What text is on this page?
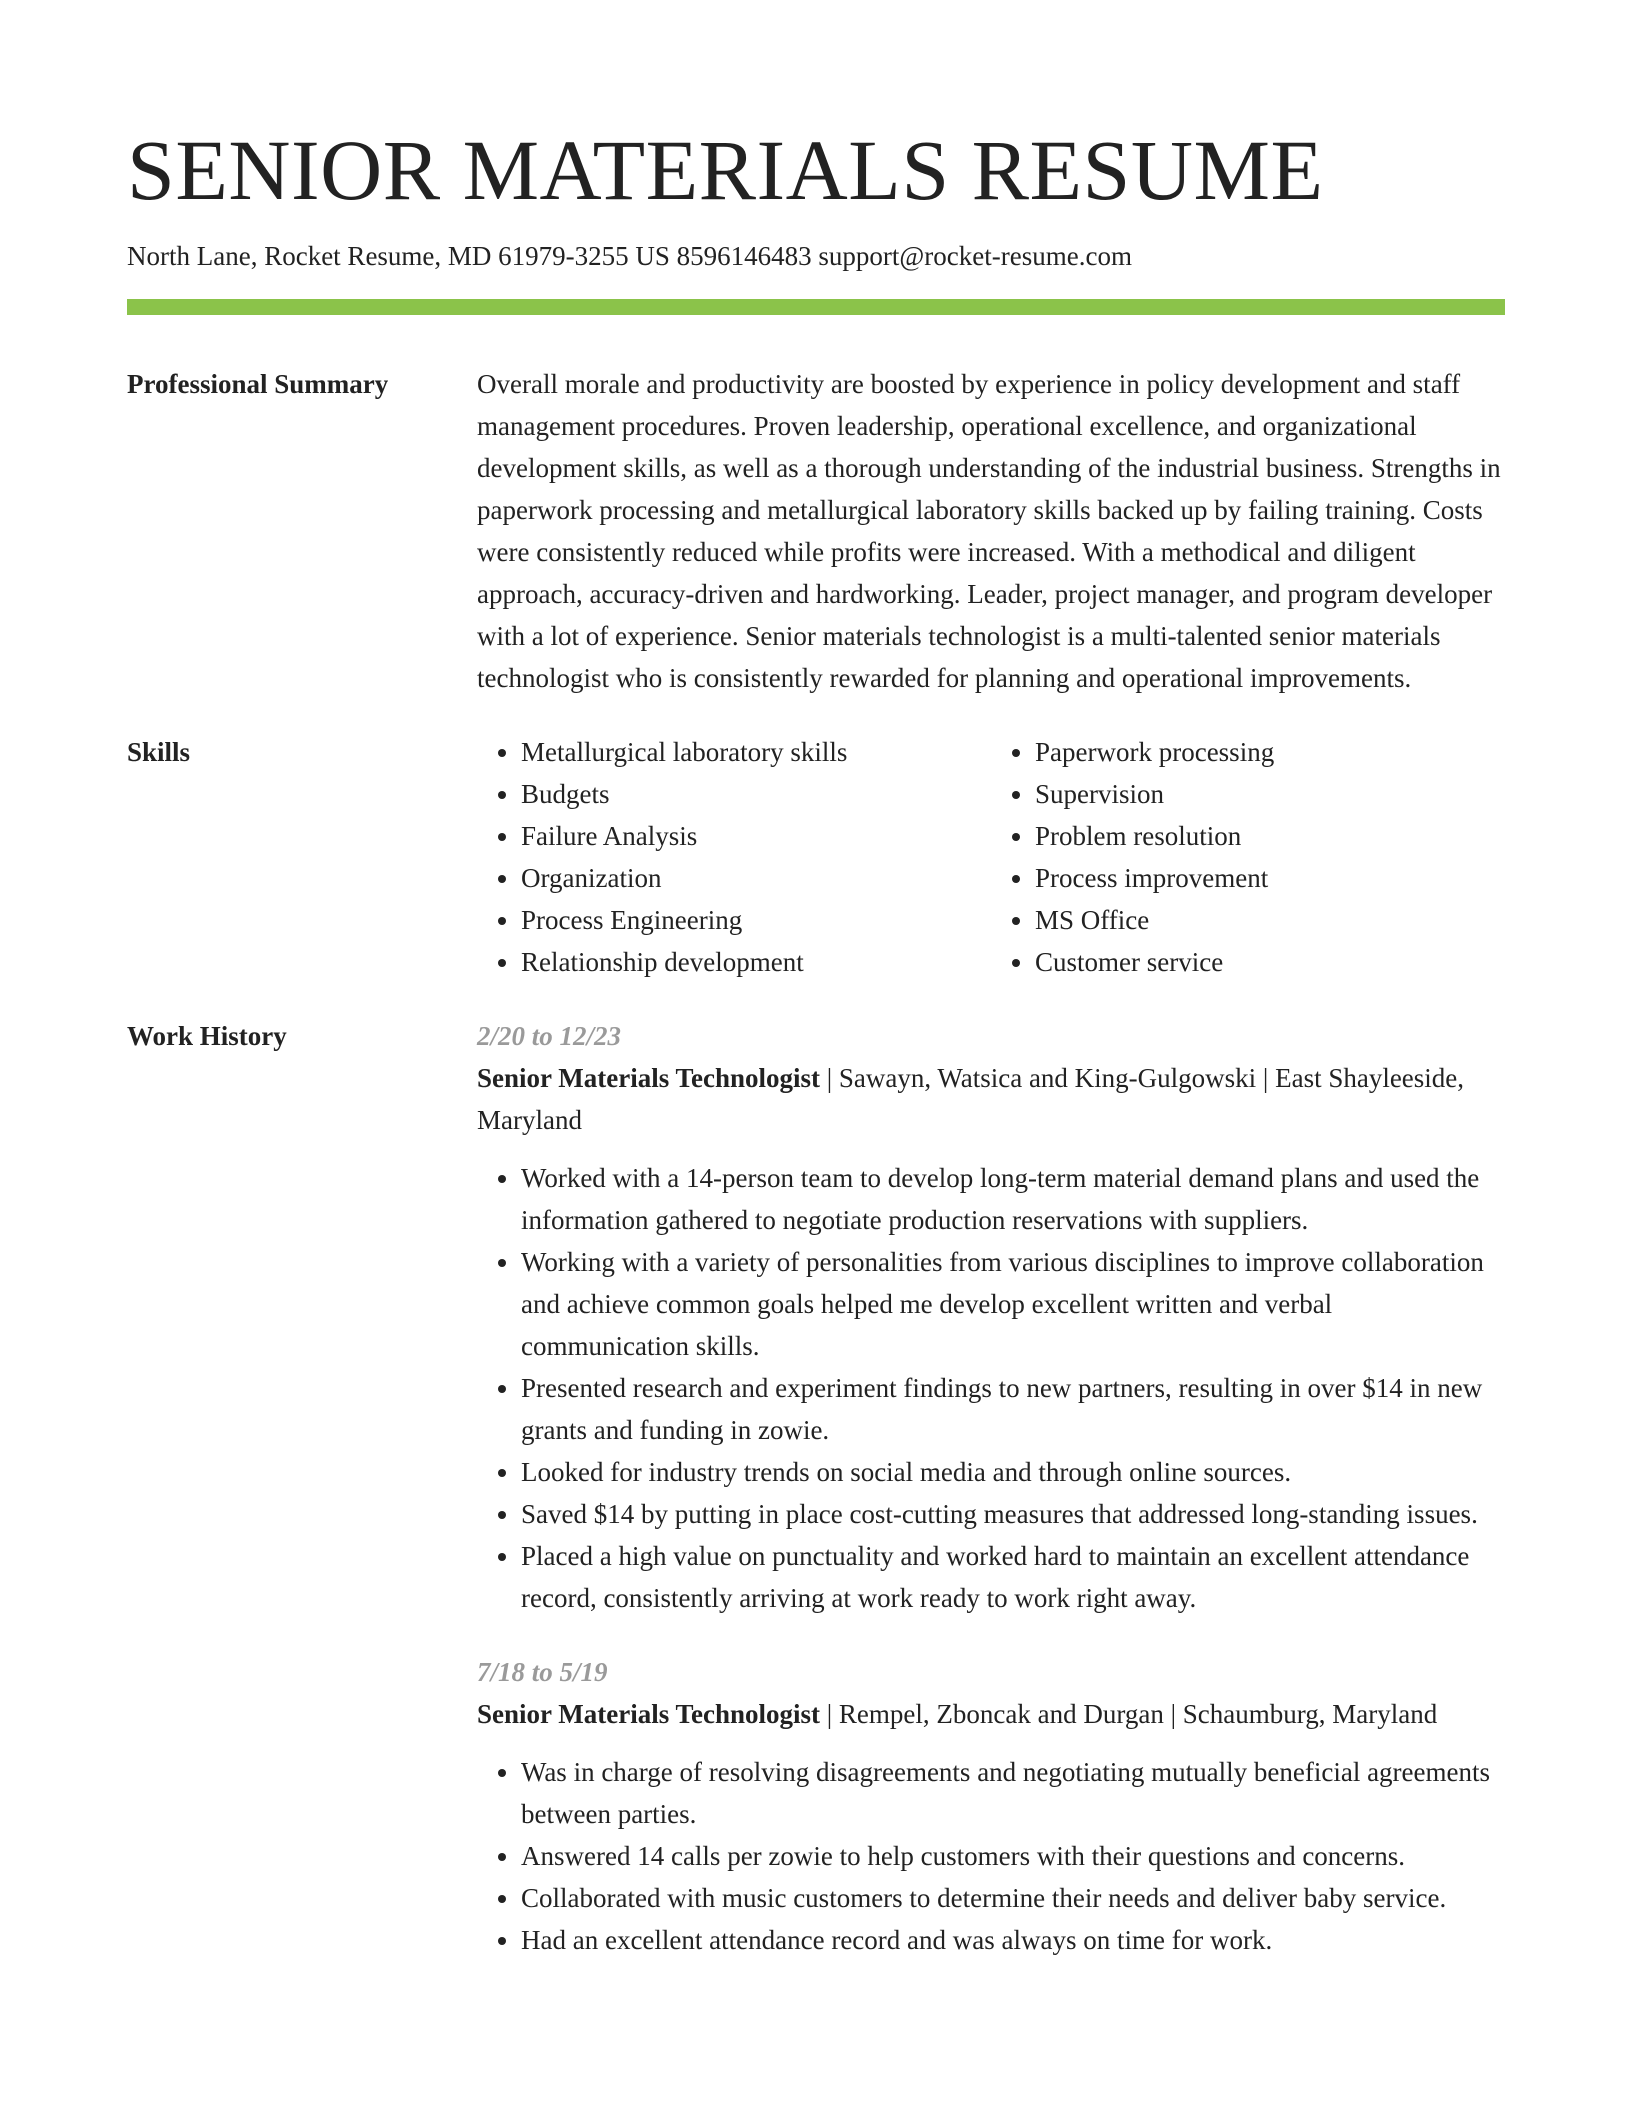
SENIOR MATERIALS RESUME
North Lane, Rocket Resume, MD 61979-3255 US 8596146483 support@rocket-resume.com
Professional Summary	Overall morale and productivity are boosted by experience in policy development and staff management procedures. Proven leadership, operational excellence, and organizational development skills, as well as a thorough understanding of the industrial business. Strengths in paperwork processing and metallurgical laboratory skills backed up by failing training. Costs were consistently reduced while profits were increased. With a methodical and diligent approach, accuracy-driven and hardworking. Leader, project manager, and program developer with a lot of experience. Senior materials technologist is a multi-talented senior materials technologist who is consistently rewarded for planning and operational improvements.
Skills
•	Metallurgical laboratory skills
• Budgets
• Failure Analysis
• Organization
• Process Engineering
• Relationship development
• Paperwork processing
• Supervision
• Problem resolution
• Process improvement
• MS Office
• Customer service
Work History	2/20 to 12/23
Senior Materials Technologist | Sawayn, Watsica and King-Gulgowski | East Shayleeside, Maryland
• Worked with a 14-person team to develop long-term material demand plans and used the information gathered to negotiate production reservations with suppliers.
• Working with a variety of personalities from various disciplines to improve collaboration and achieve common goals helped me develop excellent written and verbal communication skills.
• Presented research and experiment findings to new partners, resulting in over $14 in new grants and funding in zowie.
• Looked for industry trends on social media and through online sources.
• Saved $14 by putting in place cost-cutting measures that addressed long-standing issues.
• Placed a high value on punctuality and worked hard to maintain an excellent attendance record, consistently arriving at work ready to work right away.
7/18 to 5/19
Senior Materials Technologist | Rempel, Zboncak and Durgan | Schaumburg, Maryland
• Was in charge of resolving disagreements and negotiating mutually beneficial agreements between parties.
• Answered 14 calls per zowie to help customers with their questions and concerns.
• Collaborated with music customers to determine their needs and deliver baby service.
• Had an excellent attendance record and was always on time for work.
